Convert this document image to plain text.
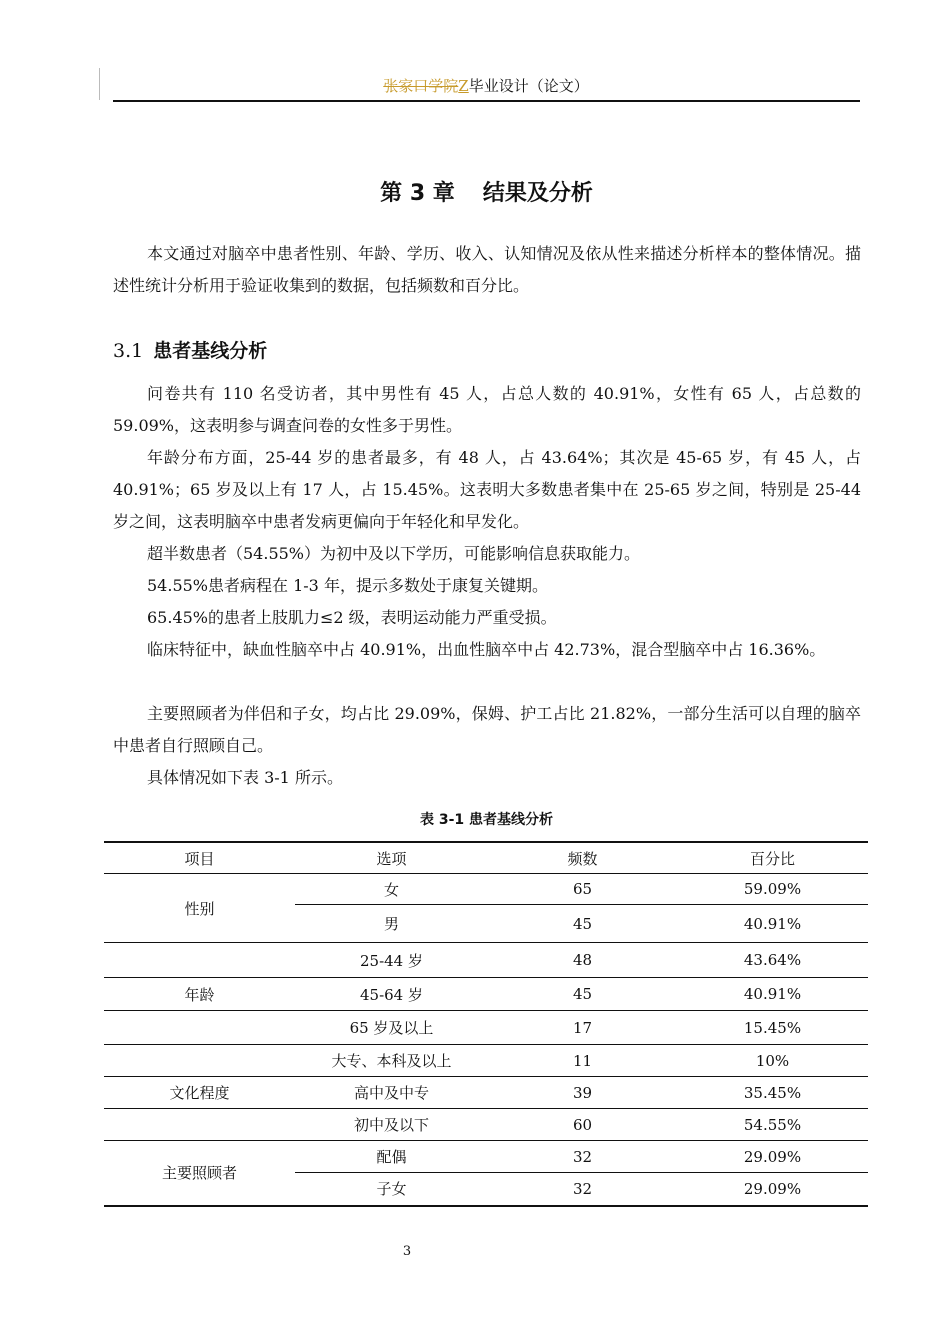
张家口学院Z毕业设计（论文）
第 3 章 结果及分析

本文通过对脑卒中患者性别、年龄、学历、收入、认知情况及依从性来描述分析样本的整体情况。描述性统计分析用于验证收集到的数据，包括频数和百分比。

3.1 患者基线分析

问卷共有 110 名受访者，其中男性有 45 人，占总人数的 40.91%，女性有 65 人，占总数的 59.09%，这表明参与调查问卷的女性多于男性。

年龄分布方面，25-44 岁的患者最多，有 48 人，占 43.64%；其次是 45-65 岁，有 45 人，占 40.91%；65 岁及以上有 17 人，占 15.45%。这表明大多数患者集中在 25-65 岁之间，特别是 25-44 岁之间，这表明脑卒中患者发病更偏向于年轻化和早发化。

超半数患者（54.55%）为初中及以下学历，可能影响信息获取能力。

54.55%患者病程在 1-3 年，提示多数处于康复关键期。

65.45%的患者上肢肌力≤2 级，表明运动能力严重受损。

临床特征中，缺血性脑卒中占 40.91%，出血性脑卒中占 42.73%，混合型脑卒中占 16.36%。

主要照顾者为伴侣和子女，均占比 29.09%，保姆、护工占比 21.82%，一部分生活可以自理的脑卒中患者自行照顾自己。

具体情况如下表 3-1 所示。

表 3-1 患者基线分析
项目	选项	频数	百分比
性别	女	65	59.09%
	男	45	40.91%
	25-44 岁	48	43.64%
年龄	45-64 岁	45	40.91%
	65 岁及以上	17	15.45%
	大专、本科及以上	11	10%
文化程度	高中及中专	39	35.45%
	初中及以下	60	54.55%
主要照顾者	配偶	32	29.09%
	子女	32	29.09%
3
